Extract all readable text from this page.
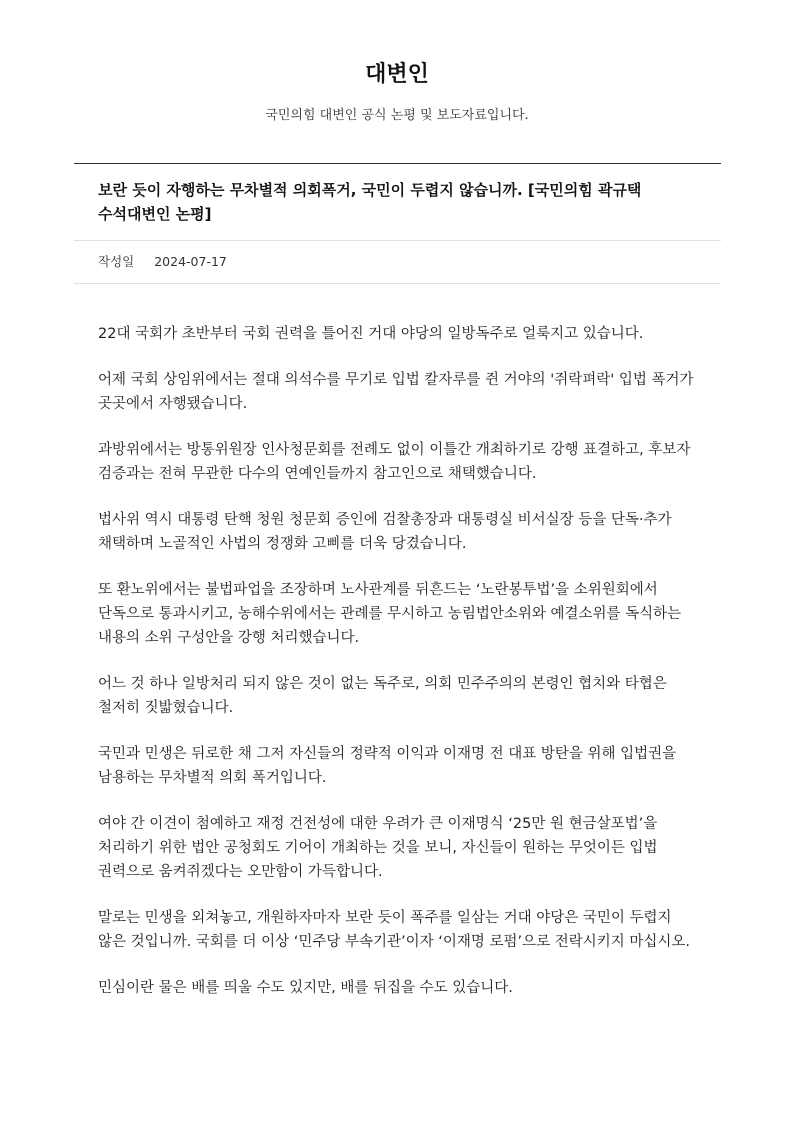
대변인
국민의힘 대변인 공식 논평 및 보도자료입니다.
보란 듯이 자행하는 무차별적 의회폭거, 국민이 두렵지 않습니까. [국민의힘 곽규택 수석대변인 논평]
작성일 2024-07-17

22대 국회가 초반부터 국회 권력을 틀어진 거대 야당의 일방독주로 얼룩지고 있습니다.

어제 국회 상임위에서는 절대 의석수를 무기로 입법 칼자루를 쥔 거야의 '쥐락펴락' 입법 폭거가 곳곳에서 자행됐습니다.

과방위에서는 방통위원장 인사청문회를 전례도 없이 이틀간 개최하기로 강행 표결하고, 후보자 검증과는 전혀 무관한 다수의 연예인들까지 참고인으로 채택했습니다.

법사위 역시 대통령 탄핵 청원 청문회 증인에 검찰총장과 대통령실 비서실장 등을 단독·추가 채택하며 노골적인 사법의 정쟁화 고삐를 더욱 당겼습니다.

또 환노위에서는 불법파업을 조장하며 노사관계를 뒤흔드는 ‘노란봉투법’을 소위원회에서 단독으로 통과시키고, 농해수위에서는 관례를 무시하고 농림법안소위와 예결소위를 독식하는 내용의 소위 구성안을 강행 처리했습니다.

어느 것 하나 일방처리 되지 않은 것이 없는 독주로, 의회 민주주의의 본령인 협치와 타협은 철저히 짓밟혔습니다.

국민과 민생은 뒤로한 채 그저 자신들의 정략적 이익과 이재명 전 대표 방탄을 위해 입법권을 남용하는 무차별적 의회 폭거입니다.

여야 간 이견이 첨예하고 재정 건전성에 대한 우려가 큰 이재명식 ‘25만 원 현금살포법’을 처리하기 위한 법안 공청회도 기어이 개최하는 것을 보니, 자신들이 원하는 무엇이든 입법 권력으로 움켜쥐겠다는 오만함이 가득합니다.

말로는 민생을 외쳐놓고, 개원하자마자 보란 듯이 폭주를 일삼는 거대 야당은 국민이 두렵지 않은 것입니까. 국회를 더 이상 ‘민주당 부속기관’이자 ‘이재명 로펌’으로 전락시키지 마십시오.

민심이란 물은 배를 띄울 수도 있지만, 배를 뒤집을 수도 있습니다.
